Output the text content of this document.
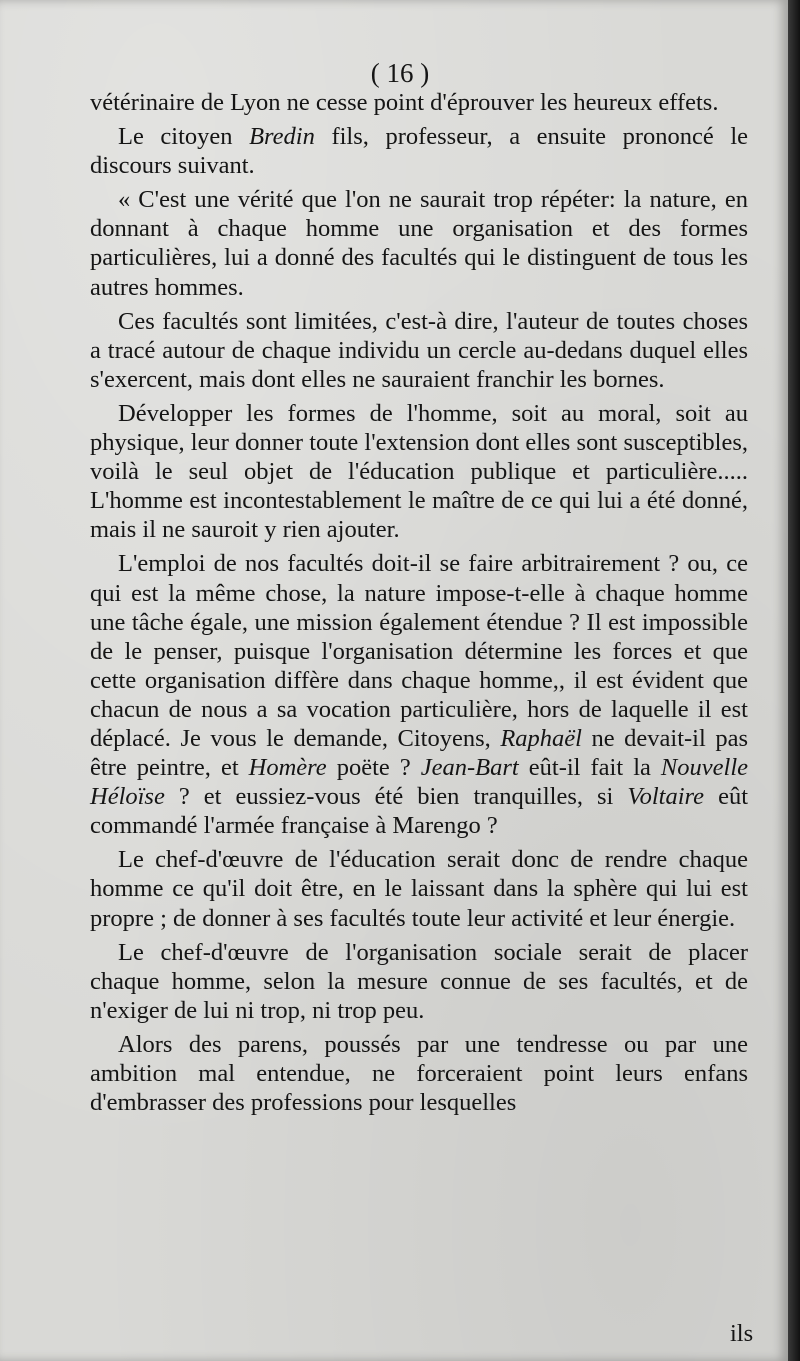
( 16 )

vétérinaire de Lyon ne cesse point d'éprouver les heureux effets.

Le citoyen Bredin fils, professeur, a ensuite prononcé le discours suivant.

« C'est une vérité que l'on ne saurait trop répéter: la nature, en donnant à chaque homme une organisation et des formes particulières, lui a donné des facultés qui le distinguent de tous les autres hommes.

Ces facultés sont limitées, c'est-à dire, l'auteur de toutes choses a tracé autour de chaque individu un cercle au-dedans duquel elles s'exercent, mais dont elles ne sauraient franchir les bornes.

Développer les formes de l'homme, soit au moral, soit au physique, leur donner toute l'extension dont elles sont susceptibles, voilà le seul objet de l'éducation publique et particulière..... L'homme est incontestablement le maître de ce qui lui a été donné, mais il ne sauroit y rien ajouter.

L'emploi de nos facultés doit-il se faire arbitrairement ? ou, ce qui est la même chose, la nature impose-t-elle à chaque homme une tâche égale, une mission également étendue ? Il est impossible de le penser, puisque l'organisation détermine les forces et que cette organisation diffère dans chaque homme,, il est évident que chacun de nous a sa vocation particulière, hors de laquelle il est déplacé. Je vous le demande, Citoyens, Raphaël ne devait-il pas être peintre, et Homère poëte ? Jean-Bart eût-il fait la Nouvelle Héloïse ? et eussiez-vous été bien tranquilles, si Voltaire eût commandé l'armée française à Marengo ?

Le chef-d'œuvre de l'éducation serait donc de rendre chaque homme ce qu'il doit être, en le laissant dans la sphère qui lui est propre ; de donner à ses facultés toute leur activité et leur énergie.

Le chef-d'œuvre de l'organisation sociale serait de placer chaque homme, selon la mesure connue de ses facultés, et de n'exiger de lui ni trop, ni trop peu.

Alors des parens, poussés par une tendresse ou par une ambition mal entendue, ne forceraient point leurs enfans d'embrasser des professions pour lesquelles

ils
